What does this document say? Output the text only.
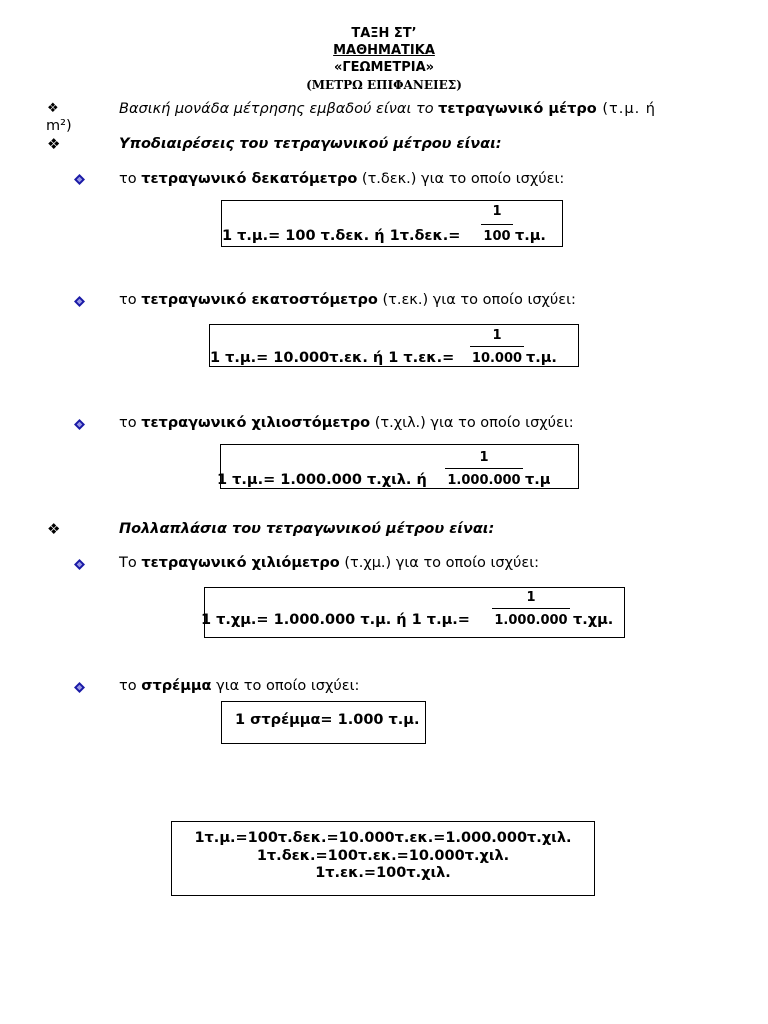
ΤΑΞΗ ΣΤ’
ΜΑΘΗΜΑΤΙΚΑ
«ΓΕΩΜΕΤΡΙΑ»
(ΜΕΤΡΩ ΕΠΙΦΑΝΕΙΕΣ)
❖	Βασική μονάδα μέτρησης εμβαδού είναι το τετραγωνικό μέτρο (τ.μ. ή
m²)
❖	Υποδιαιρέσεις του τετραγωνικού μέτρου είναι:
το τετραγωνικό δεκατόμετρο (τ.δεκ.) για το οποίο ισχύει:
1 τ.μ.= 100 τ.δεκ. ή 1τ.δεκ.=
1
100 τ.μ.
το τετραγωνικό εκατοστόμετρο (τ.εκ.) για το οποίο ισχύει:
1 τ.μ.= 10.000τ.εκ. ή 1 τ.εκ.=
1
10.000 τ.μ.
το τετραγωνικό χιλιοστόμετρο (τ.χιλ.) για το οποίο ισχύει:
1 τ.μ.= 1.000.000 τ.χιλ. ή
1
1.000.000 τ.μ
❖	Πολλαπλάσια του τετραγωνικού μέτρου είναι:
Το τετραγωνικό χιλιόμετρο (τ.χμ.) για το οποίο ισχύει:
1 τ.χμ.= 1.000.000 τ.μ. ή 1 τ.μ.=
1
1.000.000 τ.χμ.
το στρέμμα για το οποίο ισχύει:
1 στρέμμα= 1.000 τ.μ.
1τ.μ.=100τ.δεκ.=10.000τ.εκ.=1.000.000τ.χιλ.
1τ.δεκ.=100τ.εκ.=10.000τ.χιλ.
1τ.εκ.=100τ.χιλ.
